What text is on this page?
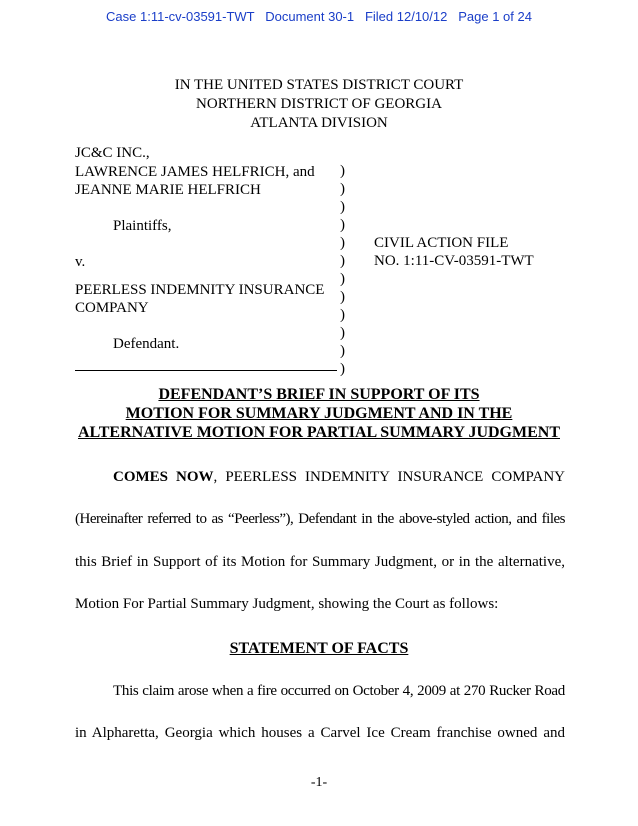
Case 1:11-cv-03591-TWT Document 30-1 Filed 12/10/12 Page 1 of 24
IN THE UNITED STATES DISTRICT COURT
NORTHERN DISTRICT OF GEORGIA
ATLANTA DIVISION
JC&C INC.,
LAWRENCE JAMES HELFRICH, and
JEANNE MARIE HELFRICH
Plaintiffs,
v.
PEERLESS INDEMNITY INSURANCE
COMPANY
Defendant.
)
)
)
)
)
)
)
)
)
)
)
)
CIVIL ACTION FILE
NO. 1:11-CV-03591-TWT
DEFENDANT’S BRIEF IN SUPPORT OF ITS
MOTION FOR SUMMARY JUDGMENT AND IN THE
ALTERNATIVE MOTION FOR PARTIAL SUMMARY JUDGMENT
COMES NOW, PEERLESS INDEMNITY INSURANCE COMPANY
(Hereinafter referred to as “Peerless”), Defendant in the above-styled action, and files
this Brief in Support of its Motion for Summary Judgment, or in the alternative,
Motion For Partial Summary Judgment, showing the Court as follows:
STATEMENT OF FACTS
This claim arose when a fire occurred on October 4, 2009 at 270 Rucker Road
in Alpharetta, Georgia which houses a Carvel Ice Cream franchise owned and
-1-
